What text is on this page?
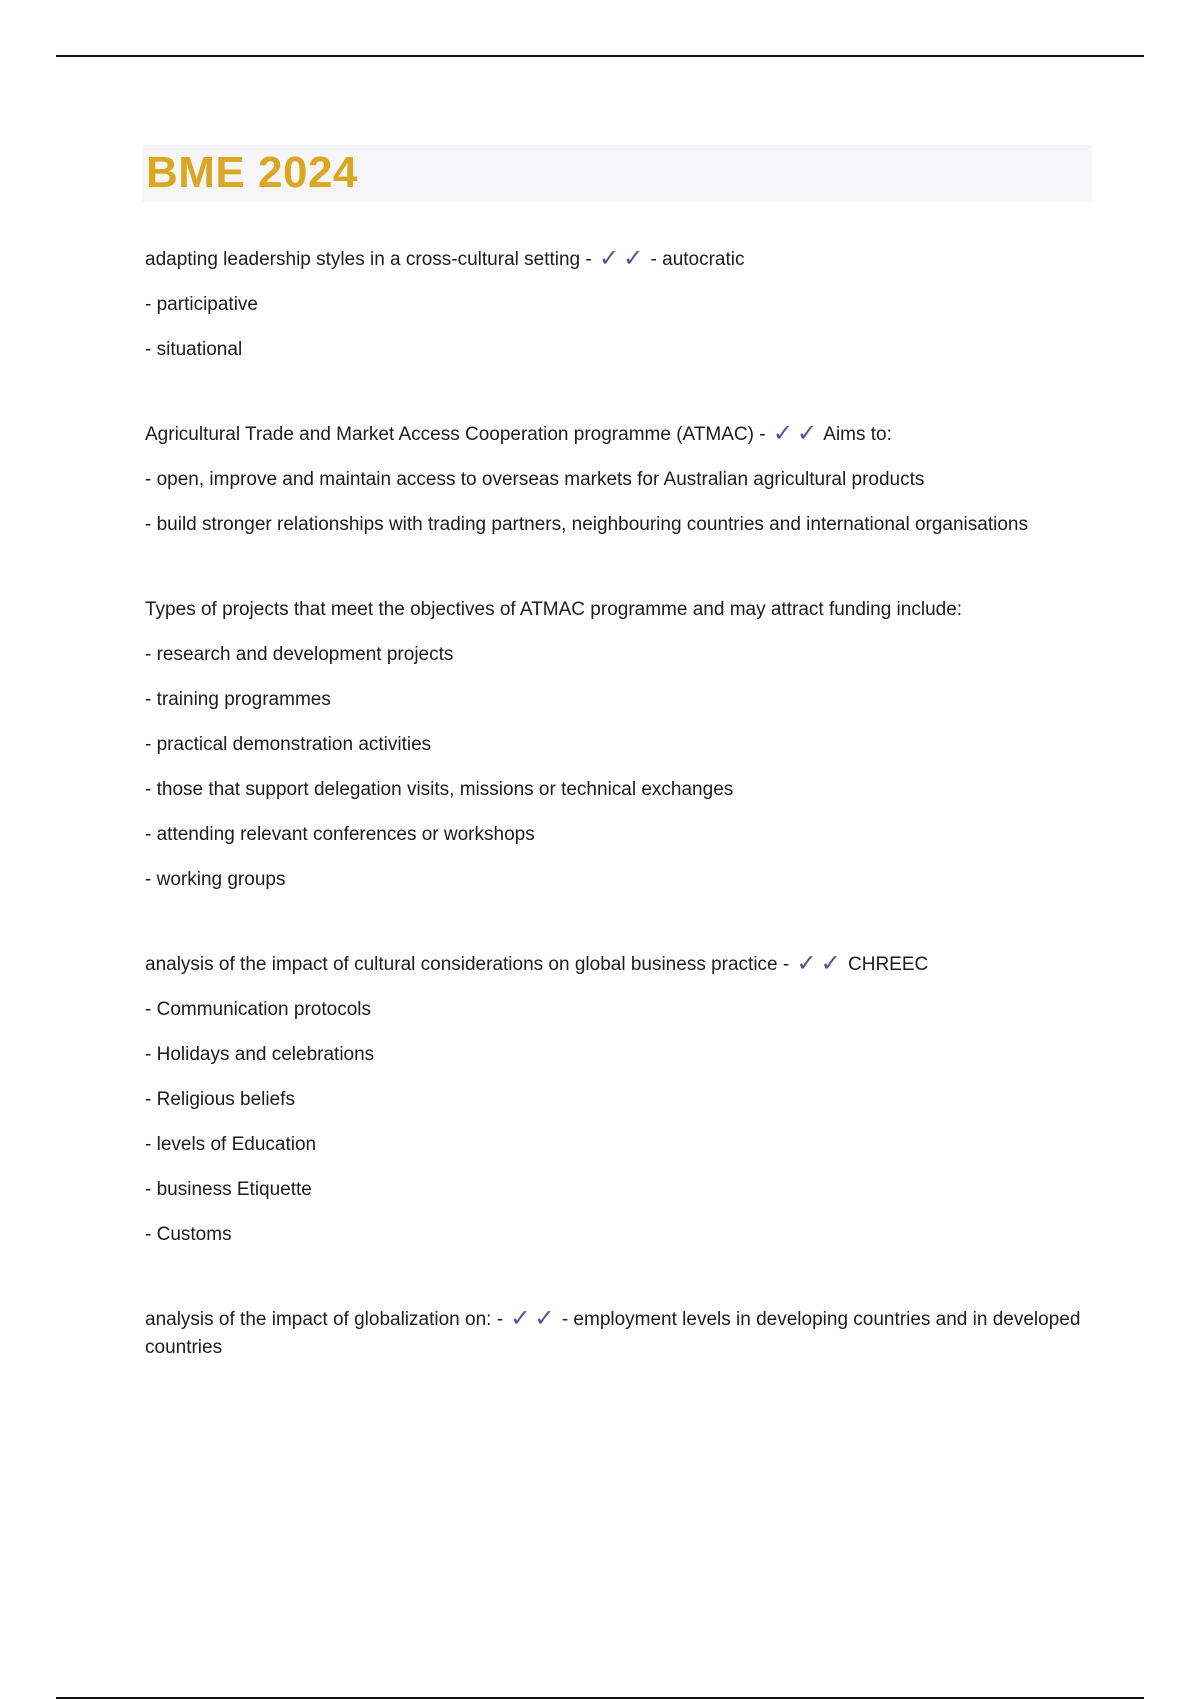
BME 2024

adapting leadership styles in a cross-cultural setting - ✓ ✓ - autocratic

- participative

- situational

Agricultural Trade and Market Access Cooperation programme (ATMAC) - ✓ ✓ Aims to:

- open, improve and maintain access to overseas markets for Australian agricultural products

- build stronger relationships with trading partners, neighbouring countries and international organisations

Types of projects that meet the objectives of ATMAC programme and may attract funding include:

- research and development projects

- training programmes

- practical demonstration activities

- those that support delegation visits, missions or technical exchanges

- attending relevant conferences or workshops

- working groups

analysis of the impact of cultural considerations on global business practice - ✓ ✓ CHREEC

- Communication protocols

- Holidays and celebrations

- Religious beliefs

- levels of Education

- business Etiquette

- Customs

analysis of the impact of globalization on: - ✓ ✓ - employment levels in developing countries and in developed countries
